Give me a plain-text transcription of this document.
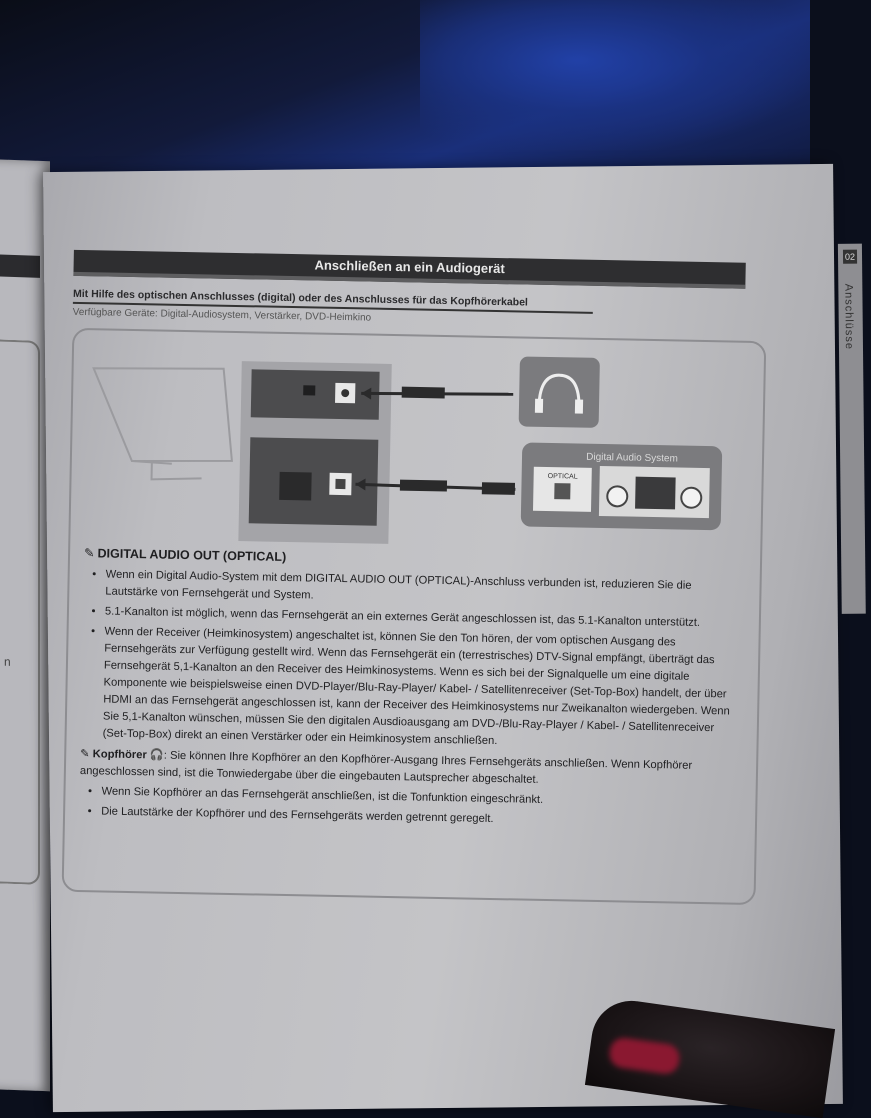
n
Anschließen an ein Audiogerät
Mit Hilfe des optischen Anschlusses (digital) oder des Anschlusses für das Kopfhörerkabel
Verfügbare Geräte: Digital-Audiosystem, Verstärker, DVD-Heimkino
Digital Audio System
OPTICAL
✎ DIGITAL AUDIO OUT (OPTICAL)
• Wenn ein Digital Audio-System mit dem DIGITAL AUDIO OUT (OPTICAL)-Anschluss verbunden ist, reduzieren Sie die Lautstärke von Fernsehgerät und System.
• 5.1-Kanalton ist möglich, wenn das Fernsehgerät an ein externes Gerät angeschlossen ist, das 5.1-Kanalton unterstützt.
• Wenn der Receiver (Heimkinosystem) angeschaltet ist, können Sie den Ton hören, der vom optischen Ausgang des Fernsehgeräts zur Verfügung gestellt wird. Wenn das Fernsehgerät ein (terrestrisches) DTV-Signal empfängt, überträgt das Fernsehgerät 5,1-Kanalton an den Receiver des Heimkinosystems. Wenn es sich bei der Signalquelle um eine digitale Komponente wie beispielsweise einen DVD-Player/Blu-Ray-Player/ Kabel- / Satellitenreceiver (Set-Top-Box) handelt, der über HDMI an das Fernsehgerät angeschlossen ist, kann der Receiver des Heimkinosystems nur Zweikanalton wiedergeben. Wenn Sie 5,1-Kanalton wünschen, müssen Sie den digitalen Ausdioausgang am DVD-/Blu-Ray-Player / Kabel- / Satellitenreceiver (Set-Top-Box) direkt an einen Verstärker oder ein Heimkinosystem anschließen.
✎ Kopfhörer 🎧: Sie können Ihre Kopfhörer an den Kopfhörer-Ausgang Ihres Fernsehgeräts anschließen. Wenn Kopfhörer angeschlossen sind, ist die Tonwiedergabe über die eingebauten Lautsprecher abgeschaltet.
• Wenn Sie Kopfhörer an das Fernsehgerät anschließen, ist die Tonfunktion eingeschränkt.
• Die Lautstärke der Kopfhörer und des Fernsehgeräts werden getrennt geregelt.
02
Anschlüsse
